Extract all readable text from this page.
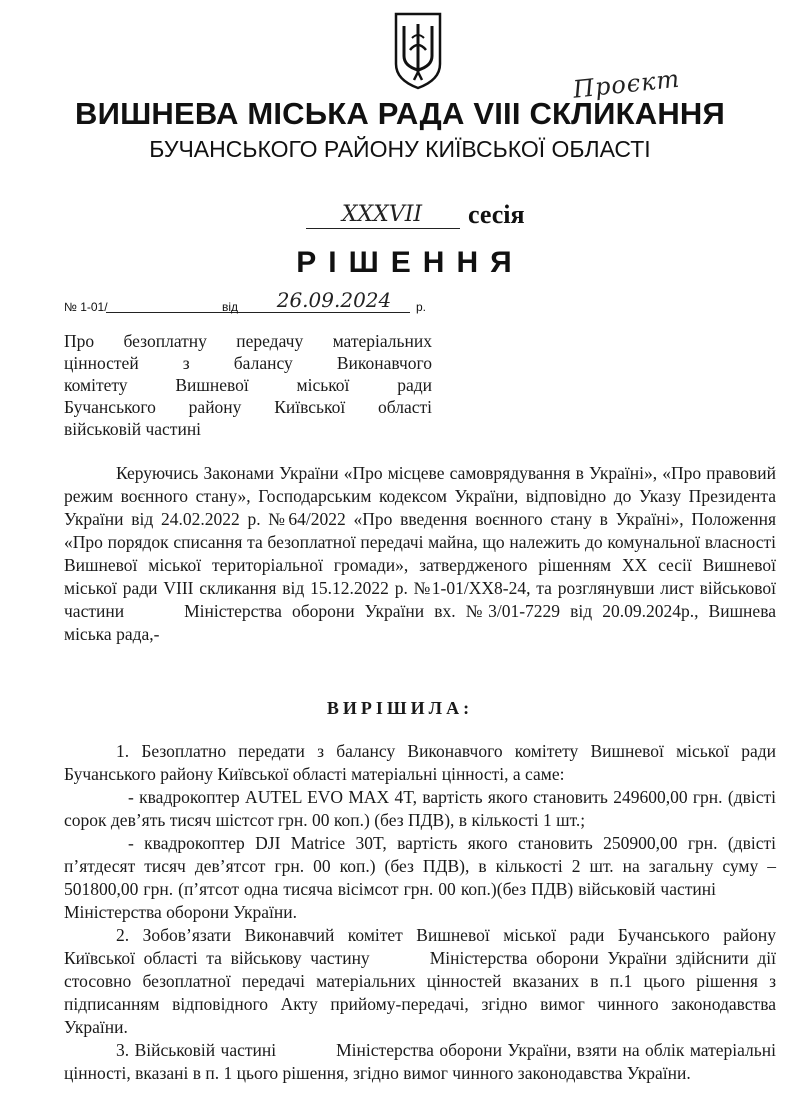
Проєкт
ВИШНЕВА МІСЬКА РАДА VIII СКЛИКАННЯ
БУЧАНСЬКОГО РАЙОНУ КИЇВСЬКОЇ ОБЛАСТІ
XXXVII	сесія
РІШЕННЯ
№ 1-01/	від	26.09.2024	р.
Про безоплатну передачу матеріальних
цінностей з балансу Виконавчого
комітету Вишневої міської ради
Бучанського району Київської області
військовій частині
Керуючись Законами України «Про місцеве самоврядування в Україні», «Про правовий режим воєнного стану», Господарським кодексом України, відповідно до Указу Президента України від 24.02.2022 р. №64/2022 «Про введення воєнного стану в Україні», Положення «Про порядок списання та безоплатної передачі майна, що належить до комунальної власності Вишневої міської територіальної громади», затвердженого рішенням XX сесії Вишневої міської ради VIII скликання від 15.12.2022 р. №1-01/XX8-24, та розглянувши лист військової частини	Міністерства оборони України вх. №3/01-7229 від 20.09.2024р., Вишнева міська рада,-
ВИРІШИЛА:

1. Безоплатно передати з балансу Виконавчого комітету Вишневої міської ради Бучанського району Київської області матеріальні цінності, а саме:

- квадрокоптер AUTEL EVO MAX 4T, вартість якого становить 249600,00 грн. (двісті сорок дев’ять тисяч шістсот грн. 00 коп.) (без ПДВ), в кількості 1 шт.;

- квадрокоптер DJI Matrice 30T, вартість якого становить 250900,00 грн. (двісті п’ятдесят тисяч дев’ятсот грн. 00 коп.) (без ПДВ), в кількості 2 шт. на загальну суму – 501800,00 грн. (п’ятсот одна тисяча вісімсот грн. 00 коп.)(без ПДВ) військовій частиніМіністерства оборони України.

2. Зобов’язати Виконавчий комітет Вишневої міської ради Бучанського району Київської області та військову частину	Міністерства оборони України здійснити дії стосовно безоплатної передачі матеріальних цінностей вказаних в п.1 цього рішення з підписанням відповідного Акту прийому-передачі, згідно вимог чинного законодавства України.

3. Військовій частині	Міністерства оборони України, взяти на облік матеріальні цінності, вказані в п. 1 цього рішення, згідно вимог чинного законодавства України.
